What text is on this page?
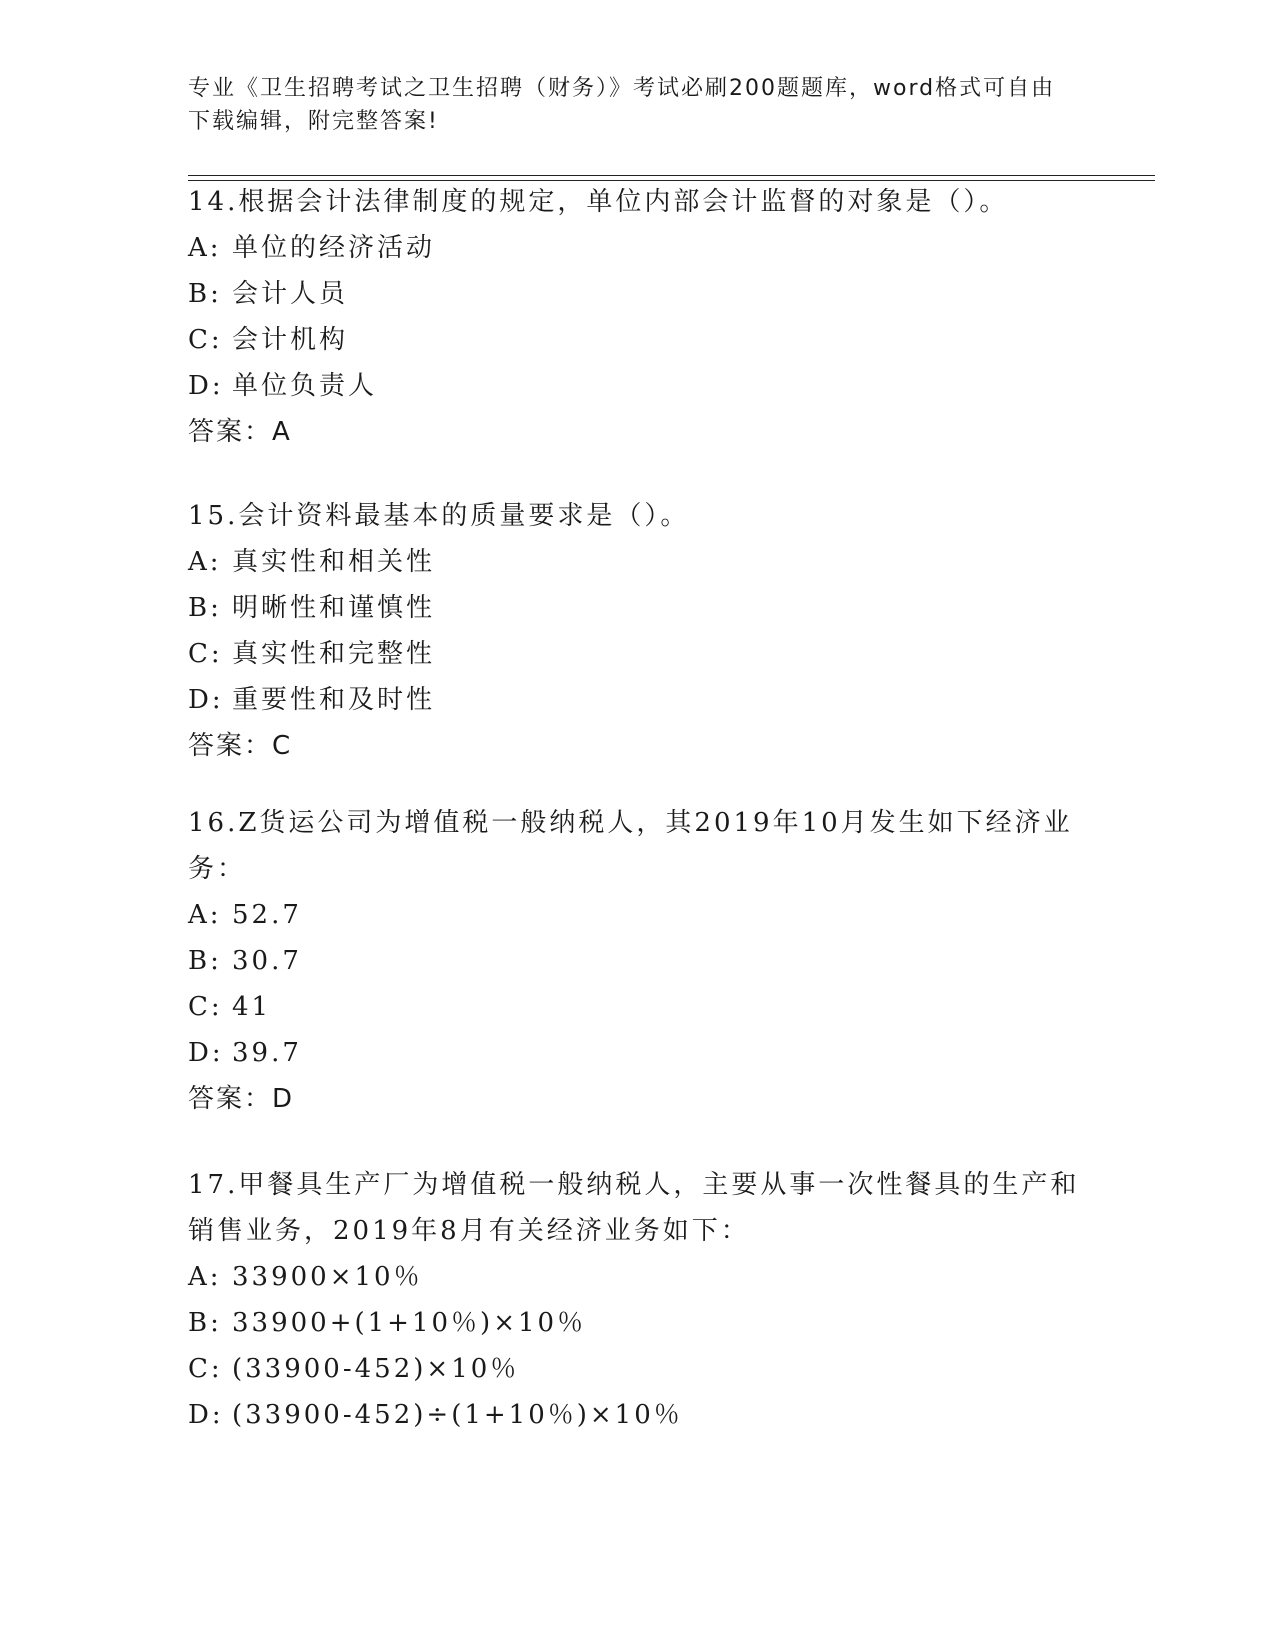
专业《卫生招聘考试之卫生招聘（财务）》考试必刷200题题库，word格式可自由下载编辑，附完整答案!

14.根据会计法律制度的规定，单位内部会计监督的对象是（）。

A: 单位的经济活动

B: 会计人员

C: 会计机构

D: 单位负责人

答案：A

15.会计资料最基本的质量要求是（）。

A: 真实性和相关性

B: 明晰性和谨慎性

C: 真实性和完整性

D: 重要性和及时性

答案：C

16.Z货运公司为增值税一般纳税人，其2019年10月发生如下经济业务：

A: 52.7

B: 30.7

C: 41

D: 39.7

答案：D

17.甲餐具生产厂为增值税一般纳税人，主要从事一次性餐具的生产和销售业务，2019年8月有关经济业务如下：

A: 33900×10％

B: 33900+(1+10％)×10％

C: (33900-452)×10％

D: (33900-452)÷(1+10％)×10％
